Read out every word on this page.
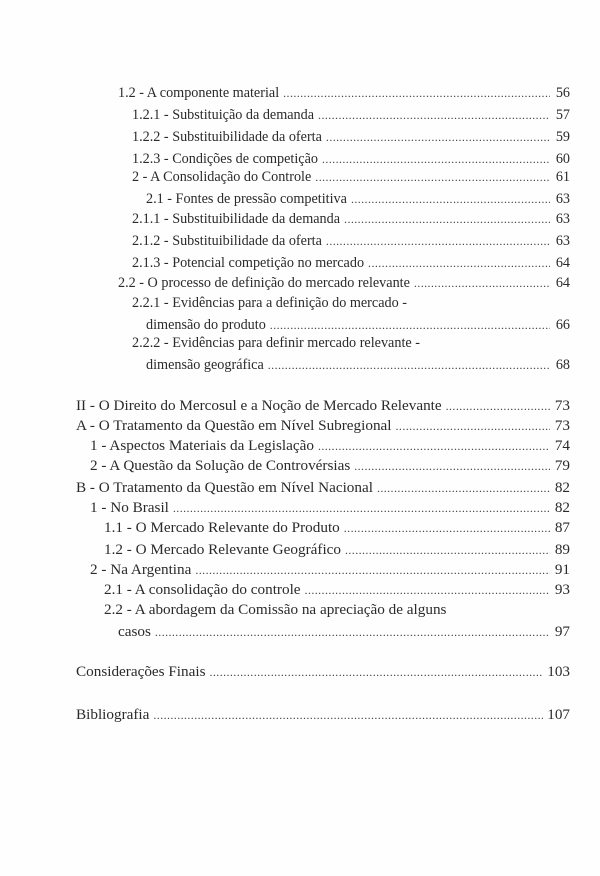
1.2 - A componente material . . .	56
1.2.1 - Substituição da demanda . . .	57
1.2.2 - Substituibilidade da oferta . . .	59
1.2.3 - Condições de competição . . .	60
2 - A Consolidação do Controle . . .	61
2.1 - Fontes de pressão competitiva . . .	63
2.1.1 - Substituibilidade da demanda . . .	63
2.1.2 - Substituibilidade da oferta . . .	63
2.1.3 - Potencial competição no mercado . . .	64
2.2 - O processo de definição do mercado relevante . . .	64
2.2.1 - Evidências para a definição do mercado -
dimensão do produto . . .	66
2.2.2 - Evidências para definir mercado relevante -
dimensão geográfica . . .	68
II - O Direito do Mercosul e a Noção de Mercado Relevante . . .	73
A - O Tratamento da Questão em Nível Subregional . . .	73
1 - Aspectos Materiais da Legislação . . .	74
2 - A Questão da Solução de Controvérsias . . .	79
B - O Tratamento da Questão em Nível Nacional . . .	82
1 - No Brasil . . .	82
1.1 - O Mercado Relevante do Produto . . .	87
1.2 - O Mercado Relevante Geográfico . . .	89
2 - Na Argentina . . .	91
2.1 - A consolidação do controle . . .	93
2.2 - A abordagem da Comissão na apreciação de alguns
casos . . .	97
Considerações Finais . . .	103
Bibliografia . . .	107
